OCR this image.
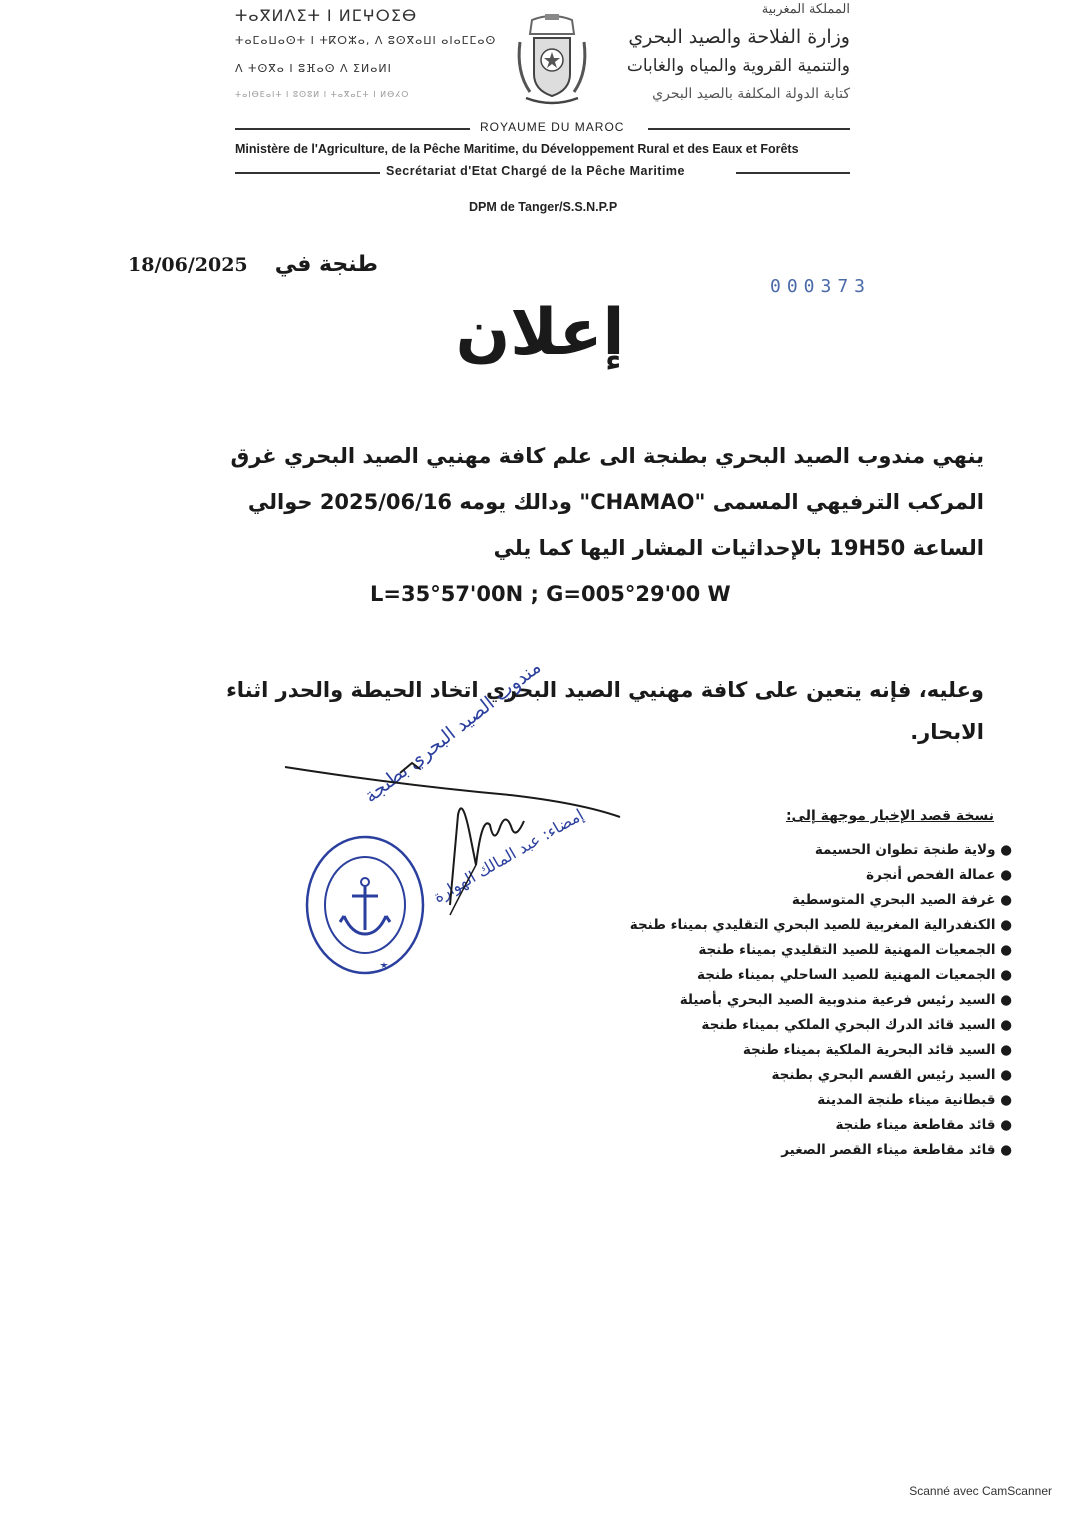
ⵜⴰⴳⵍⴷⵉⵜ ⵏ ⵍⵎⵖⵔⵉⴱ
ⵜⴰⵎⴰⵡⴰⵙⵜ ⵏ ⵜⴽⵔⵣⴰ, ⴷ ⵓⵙⴳⴰⵡⵏ ⴰⵏⴰⵎⵎⴰⵙ
ⴷ ⵜⵙⴳⴰ ⵏ ⵓⴼⴰⵙ ⴷ ⵉⵍⴰⵍⵏ
ⵜⴰⵏⴱⴹⴰⵏⵜ ⵏ ⵓⵙⵓⵍ ⵏ ⵜⴰⴳⴰⵎⵜ ⵏ ⵍⴱⵃⵔ
المملكة المغربية
وزارة الفلاحة والصيد البحري
والتنمية القروية والمياه والغابات
كتابة الدولة المكلفة بالصيد البحري
ROYAUME DU MAROC
Ministère de l'Agriculture, de la Pêche Maritime, du Développement Rural et des Eaux et Forêts
Secrétariat d'Etat Chargé de la Pêche Maritime
DPM de Tanger/S.S.N.P.P
18/06/2025 طنجة في
000373
إعلان
ينهي مندوب الصيد البحري بطنجة الى علم كافة مهنيي الصيد البحري غرق
المركب الترفيهي المسمى "CHAMAO" ودالك يومه 2025/06/16 حوالي
الساعة 19H50 بالإحداثيات المشار اليها كما يلي
L=35°57'00N ; G=005°29'00 W
وعليه، فإنه يتعين على كافة مهنيي الصيد البحري اتخاد الحيطة والحدر اثناء
الابحار.
مندوب الصيد البحري بطنجة
إمضاء: عبد المالك الهوارة	نسخة قصد الإخبار موجهة إلى:
● ولاية طنجة تطوان الحسيمة
● عمالة الفحص أنجرة
● غرفة الصيد البحري المتوسطية
● الكنفدرالية المغربية للصيد البحري التقليدي بميناء طنجة
● الجمعيات المهنية للصيد التقليدي بميناء طنجة
● الجمعيات المهنية للصيد الساحلي بميناء طنجة
● السيد رئيس فرعية مندوبية الصيد البحري بأصيلة
● السيد قائد الدرك البحري الملكي بميناء طنجة
● السيد قائد البحرية الملكية بميناء طنجة
● السيد رئيس القسم البحري بطنجة
● قبطانية ميناء طنجة المدينة
● قائد مقاطعة ميناء طنجة
● قائد مقاطعة ميناء القصر الصغير
Scanné avec CamScanner
